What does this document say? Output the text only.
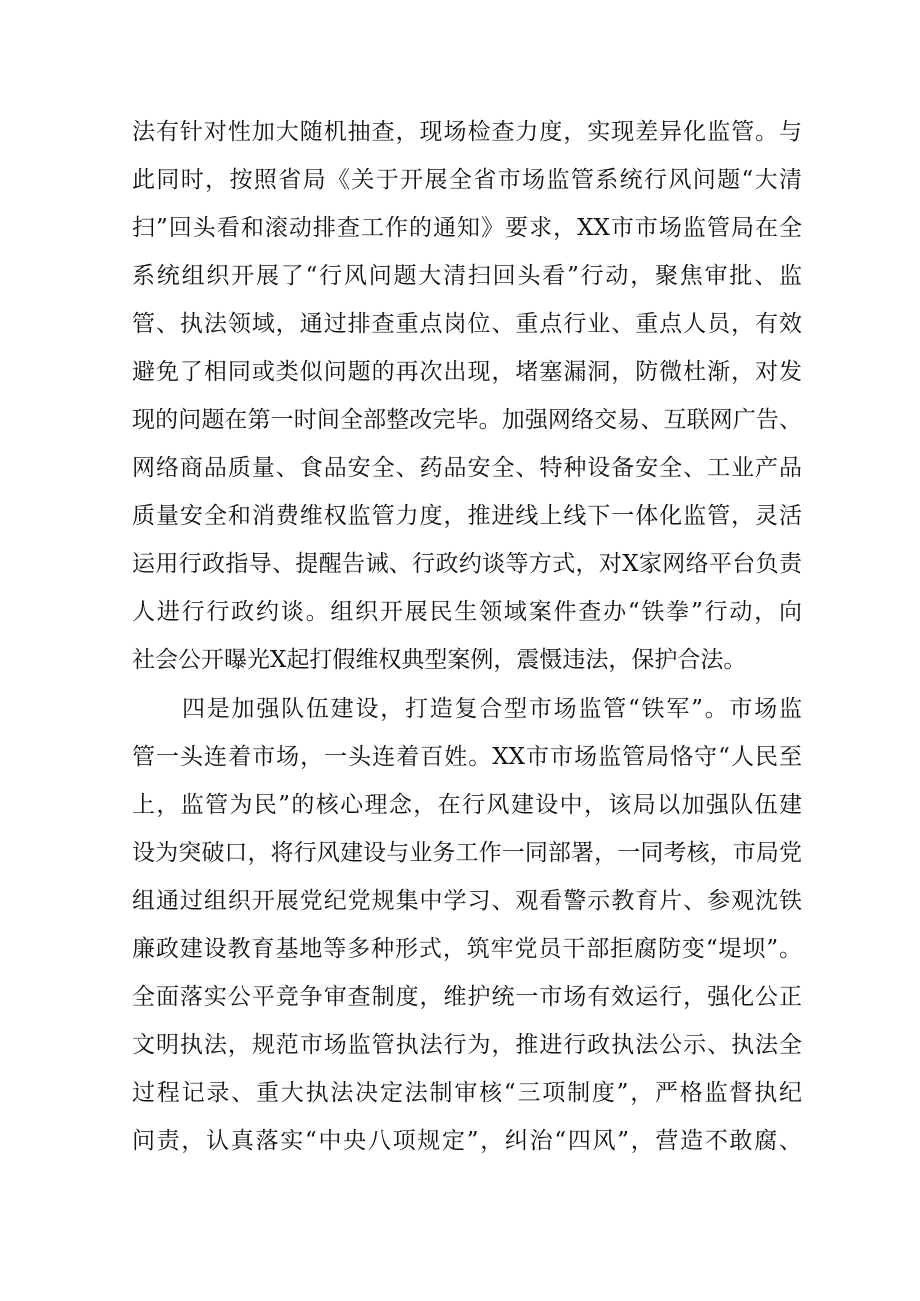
法有针对性加大随机抽查，现场检查力度，实现差异化监管。与
此同时，按照省局《关于开展全省市场监管系统行风问题“大清
扫”回头看和滚动排查工作的通知》要求，XX市市场监管局在全
系统组织开展了“行风问题大清扫回头看”行动，聚焦审批、监
管、执法领域，通过排查重点岗位、重点行业、重点人员，有效
避免了相同或类似问题的再次出现，堵塞漏洞，防微杜渐，对发
现的问题在第一时间全部整改完毕。加强网络交易、互联网广告、
网络商品质量、食品安全、药品安全、特种设备安全、工业产品
质量安全和消费维权监管力度，推进线上线下一体化监管，灵活
运用行政指导、提醒告诫、行政约谈等方式，对X家网络平台负责
人进行行政约谈。组织开展民生领域案件查办“铁拳”行动，向
社会公开曝光X起打假维权典型案例，震慑违法，保护合法。
四是加强队伍建设，打造复合型市场监管“铁军”。市场监
管一头连着市场，一头连着百姓。XX市市场监管局恪守“人民至
上，监管为民”的核心理念，在行风建设中，该局以加强队伍建
设为突破口，将行风建设与业务工作一同部署，一同考核，市局党
组通过组织开展党纪党规集中学习、观看警示教育片、参观沈铁
廉政建设教育基地等多种形式，筑牢党员干部拒腐防变“堤坝”。
全面落实公平竞争审查制度，维护统一市场有效运行，强化公正
文明执法，规范市场监管执法行为，推进行政执法公示、执法全
过程记录、重大执法决定法制审核“三项制度”，严格监督执纪
问责，认真落实“中央八项规定”，纠治“四风”，营造不敢腐、
